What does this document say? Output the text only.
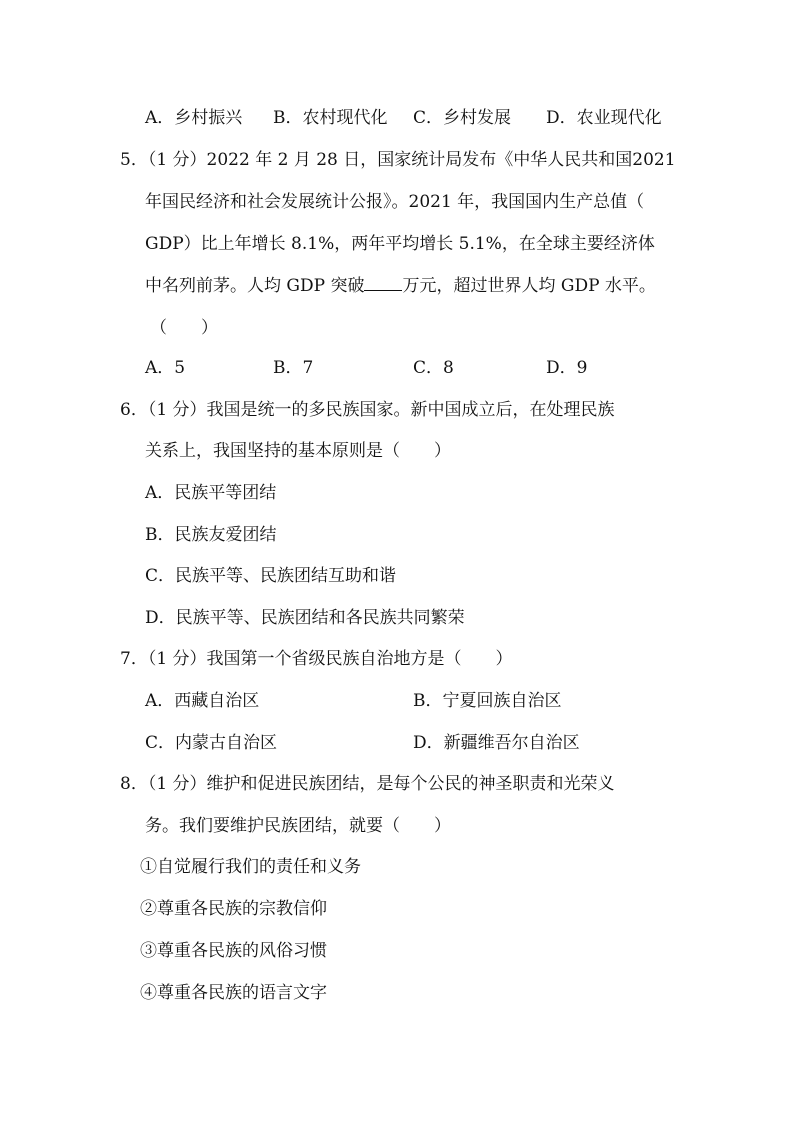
A．乡村振兴 B．农村现代化 C．乡村发展 D．农业现代化
5．（1 分）2022 年 2 月 28 日，国家统计局发布《中华人民共和国2021
年国民经济和社会发展统计公报》。2021 年，我国国内生产总值（
GDP）比上年增长 8.1%，两年平均增长 5.1%，在全球主要经济体
中名列前茅。人均 GDP 突破 万元，超过世界人均 GDP 水平。
（　　）
A．5	B．7	C．8	D．9
6．（1 分）我国是统一的多民族国家。新中国成立后，在处理民族
关系上，我国坚持的基本原则是（　　）
A．民族平等团结
B．民族友爱团结
C．民族平等、民族团结互助和谐
D．民族平等、民族团结和各民族共同繁荣
7．（1 分）我国第一个省级民族自治地方是（　　）
A．西藏自治区	B．宁夏回族自治区
C．内蒙古自治区	D．新疆维吾尔自治区
8．（1 分）维护和促进民族团结，是每个公民的神圣职责和光荣义
务。我们要维护民族团结，就要（　　）
①自觉履行我们的责任和义务
②尊重各民族的宗教信仰
③尊重各民族的风俗习惯
④尊重各民族的语言文字
